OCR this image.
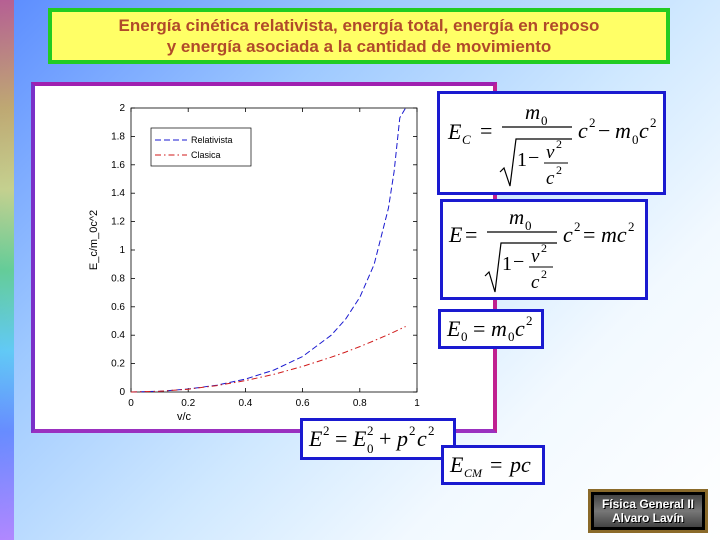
Energía cinética relativista, energía total, energía en reposo
y energía asociada a la cantidad de movimiento
0	0.2	0.4	0.6	0.8	1
0
0.2
0.4
0.6
0.8
1
1.2
1.4
1.6
1.8
2
v/c
E_c/m_0c^2
Relativista
Clasica
E C =
m 0
1 − v 2
c 2
c 2 − m 0 c 2
E =
m 0
1 − v 2
c 2
c 2 = mc 2
E 0 = m 0 c 2
E 2 = E 2
0 + p 2 c 2
E CM = pc
Física General II
Alvaro Lavín
